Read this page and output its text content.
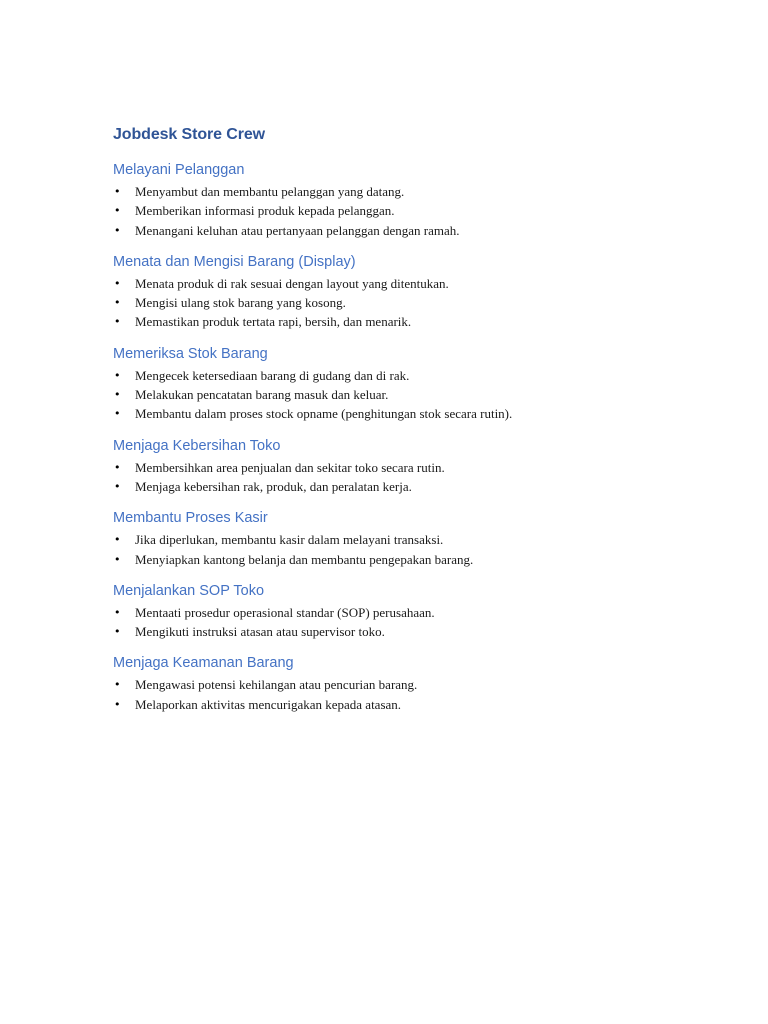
Jobdesk Store Crew
Melayani Pelanggan
• Menyambut dan membantu pelanggan yang datang.
• Memberikan informasi produk kepada pelanggan.
• Menangani keluhan atau pertanyaan pelanggan dengan ramah.
Menata dan Mengisi Barang (Display)
• Menata produk di rak sesuai dengan layout yang ditentukan.
• Mengisi ulang stok barang yang kosong.
• Memastikan produk tertata rapi, bersih, dan menarik.
Memeriksa Stok Barang
• Mengecek ketersediaan barang di gudang dan di rak.
• Melakukan pencatatan barang masuk dan keluar.
• Membantu dalam proses stock opname (penghitungan stok secara rutin).
Menjaga Kebersihan Toko
• Membersihkan area penjualan dan sekitar toko secara rutin.
• Menjaga kebersihan rak, produk, dan peralatan kerja.
Membantu Proses Kasir
• Jika diperlukan, membantu kasir dalam melayani transaksi.
• Menyiapkan kantong belanja dan membantu pengepakan barang.
Menjalankan SOP Toko
• Mentaati prosedur operasional standar (SOP) perusahaan.
• Mengikuti instruksi atasan atau supervisor toko.
Menjaga Keamanan Barang
• Mengawasi potensi kehilangan atau pencurian barang.
• Melaporkan aktivitas mencurigakan kepada atasan.
